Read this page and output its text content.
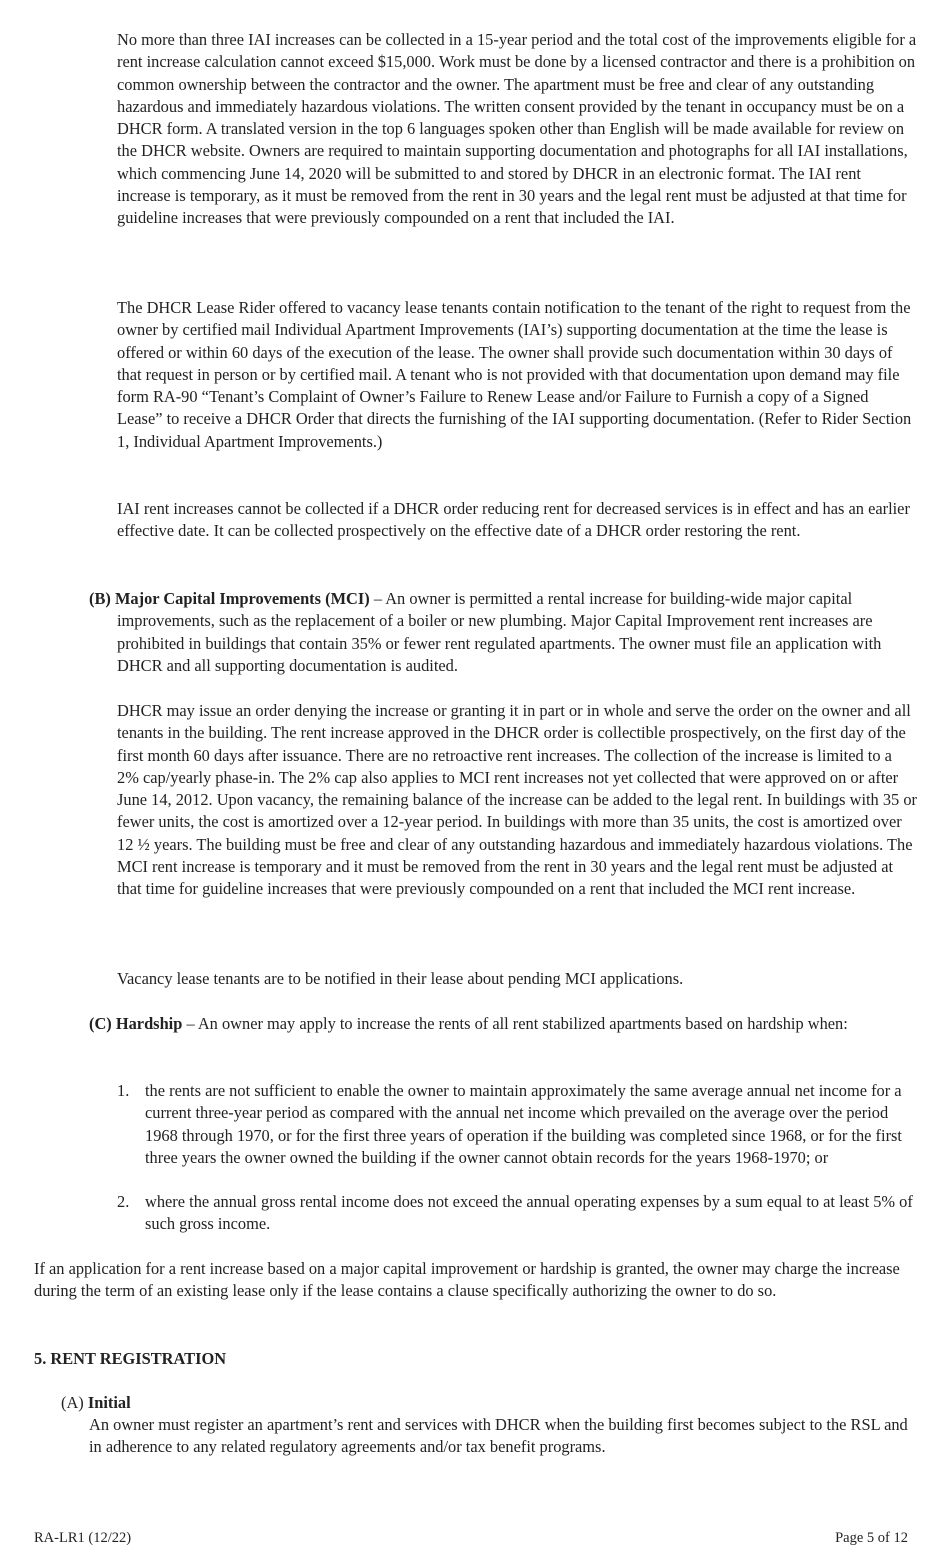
No more than three IAI increases can be collected in a 15-year period and the total cost of the improvements eligible for a rent increase calculation cannot exceed $15,000. Work must be done by a licensed contractor and there is a prohibition on common ownership between the contractor and the owner. The apartment must be free and clear of any outstanding hazardous and immediately hazardous violations. The written consent provided by the tenant in occupancy must be on a DHCR form. A translated version in the top 6 languages spoken other than English will be made available for review on the DHCR website. Owners are required to maintain supporting documentation and photographs for all IAI installations, which commencing June 14, 2020 will be submitted to and stored by DHCR in an electronic format. The IAI rent increase is temporary, as it must be removed from the rent in 30 years and the legal rent must be adjusted at that time for guideline increases that were previously compounded on a rent that included the IAI.

The DHCR Lease Rider offered to vacancy lease tenants contain notification to the tenant of the right to request from the owner by certified mail Individual Apartment Improvements (IAI’s) supporting documentation at the time the lease is offered or within 60 days of the execution of the lease. The owner shall provide such documentation within 30 days of that request in person or by certified mail. A tenant who is not provided with that documentation upon demand may file form RA-90 “Tenant’s Complaint of Owner’s Failure to Renew Lease and/or Failure to Furnish a copy of a Signed Lease” to receive a DHCR Order that directs the furnishing of the IAI supporting documentation. (Refer to Rider Section 1, Individual Apartment Improvements.)

IAI rent increases cannot be collected if a DHCR order reducing rent for decreased services is in effect and has an earlier effective date. It can be collected prospectively on the effective date of a DHCR order restoring the rent.

(B) Major Capital Improvements (MCI) – An owner is permitted a rental increase for building-wide major capital improvements, such as the replacement of a boiler or new plumbing. Major Capital Improvement rent increases are prohibited in buildings that contain 35% or fewer rent regulated apartments. The owner must file an application with DHCR and all supporting documentation is audited.

DHCR may issue an order denying the increase or granting it in part or in whole and serve the order on the owner and all tenants in the building. The rent increase approved in the DHCR order is collectible prospectively, on the first day of the first month 60 days after issuance. There are no retroactive rent increases. The collection of the increase is limited to a 2% cap/yearly phase-in. The 2% cap also applies to MCI rent increases not yet collected that were approved on or after June 14, 2012. Upon vacancy, the remaining balance of the increase can be added to the legal rent. In buildings with 35 or fewer units, the cost is amortized over a 12-year period. In buildings with more than 35 units, the cost is amortized over 12 ½ years. The building must be free and clear of any outstanding hazardous and immediately hazardous violations. The MCI rent increase is temporary and it must be removed from the rent in 30 years and the legal rent must be adjusted at that time for guideline increases that were previously compounded on a rent that included the MCI rent increase.

Vacancy lease tenants are to be notified in their lease about pending MCI applications.

(C) Hardship – An owner may apply to increase the rents of all rent stabilized apartments based on hardship when:

1. the rents are not sufficient to enable the owner to maintain approximately the same average annual net income for a current three-year period as compared with the annual net income which prevailed on the average over the period 1968 through 1970, or for the first three years of operation if the building was completed since 1968, or for the first three years the owner owned the building if the owner cannot obtain records for the years 1968-1970; or
2. where the annual gross rental income does not exceed the annual operating expenses by a sum equal to at least 5% of such gross income.

If an application for a rent increase based on a major capital improvement or hardship is granted, the owner may charge the increase during the term of an existing lease only if the lease contains a clause specifically authorizing the owner to do so.

5. RENT REGISTRATION

(A) Initial

An owner must register an apartment’s rent and services with DHCR when the building first becomes subject to the RSL and in adherence to any related regulatory agreements and/or tax benefit programs.

RA-LR1 (12/22)	Page 5 of 12
